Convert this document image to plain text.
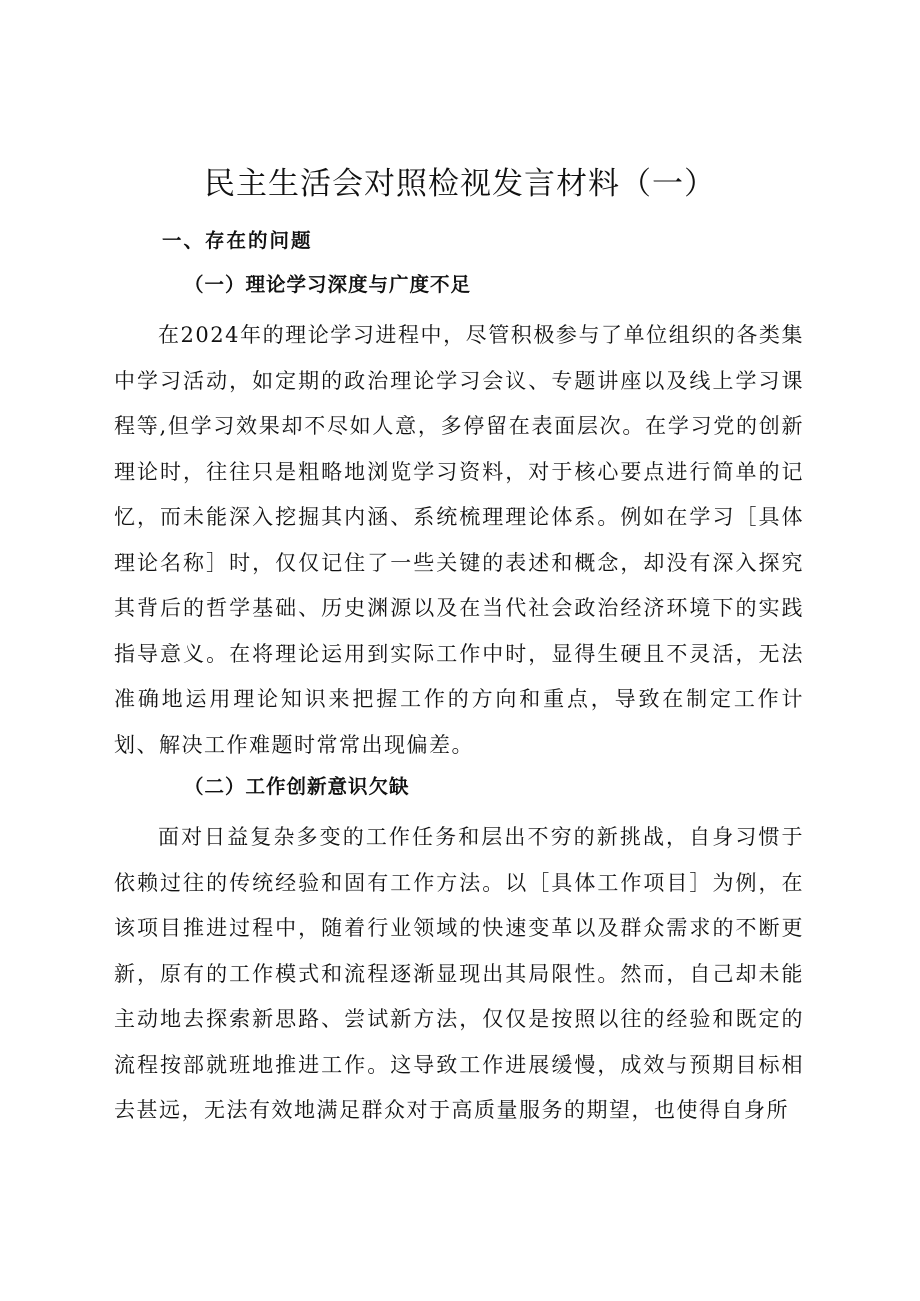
民主生活会对照检视发言材料（一）
一、存在的问题
（一）理论学习深度与广度不足

在2024年的理论学习进程中，尽管积极参与了单位组织的各类集中学习活动，如定期的政治理论学习会议、专题讲座以及线上学习课程等,但学习效果却不尽如人意，多停留在表面层次。在学习党的创新理论时，往往只是粗略地浏览学习资料，对于核心要点进行简单的记忆，而未能深入挖掘其内涵、系统梳理理论体系。例如在学习［具体理论名称］时，仅仅记住了一些关键的表述和概念，却没有深入探究其背后的哲学基础、历史渊源以及在当代社会政治经济环境下的实践指导意义。在将理论运用到实际工作中时，显得生硬且不灵活，无法准确地运用理论知识来把握工作的方向和重点，导致在制定工作计划、解决工作难题时常常出现偏差。

（二）工作创新意识欠缺

面对日益复杂多变的工作任务和层出不穷的新挑战，自身习惯于依赖过往的传统经验和固有工作方法。以［具体工作项目］为例，在该项目推进过程中，随着行业领域的快速变革以及群众需求的不断更新，原有的工作模式和流程逐渐显现出其局限性。然而，自己却未能主动地去探索新思路、尝试新方法，仅仅是按照以往的经验和既定的流程按部就班地推进工作。这导致工作进展缓慢，成效与预期目标相去甚远，无法有效地满足群众对于高质量服务的期望，也使得自身所
